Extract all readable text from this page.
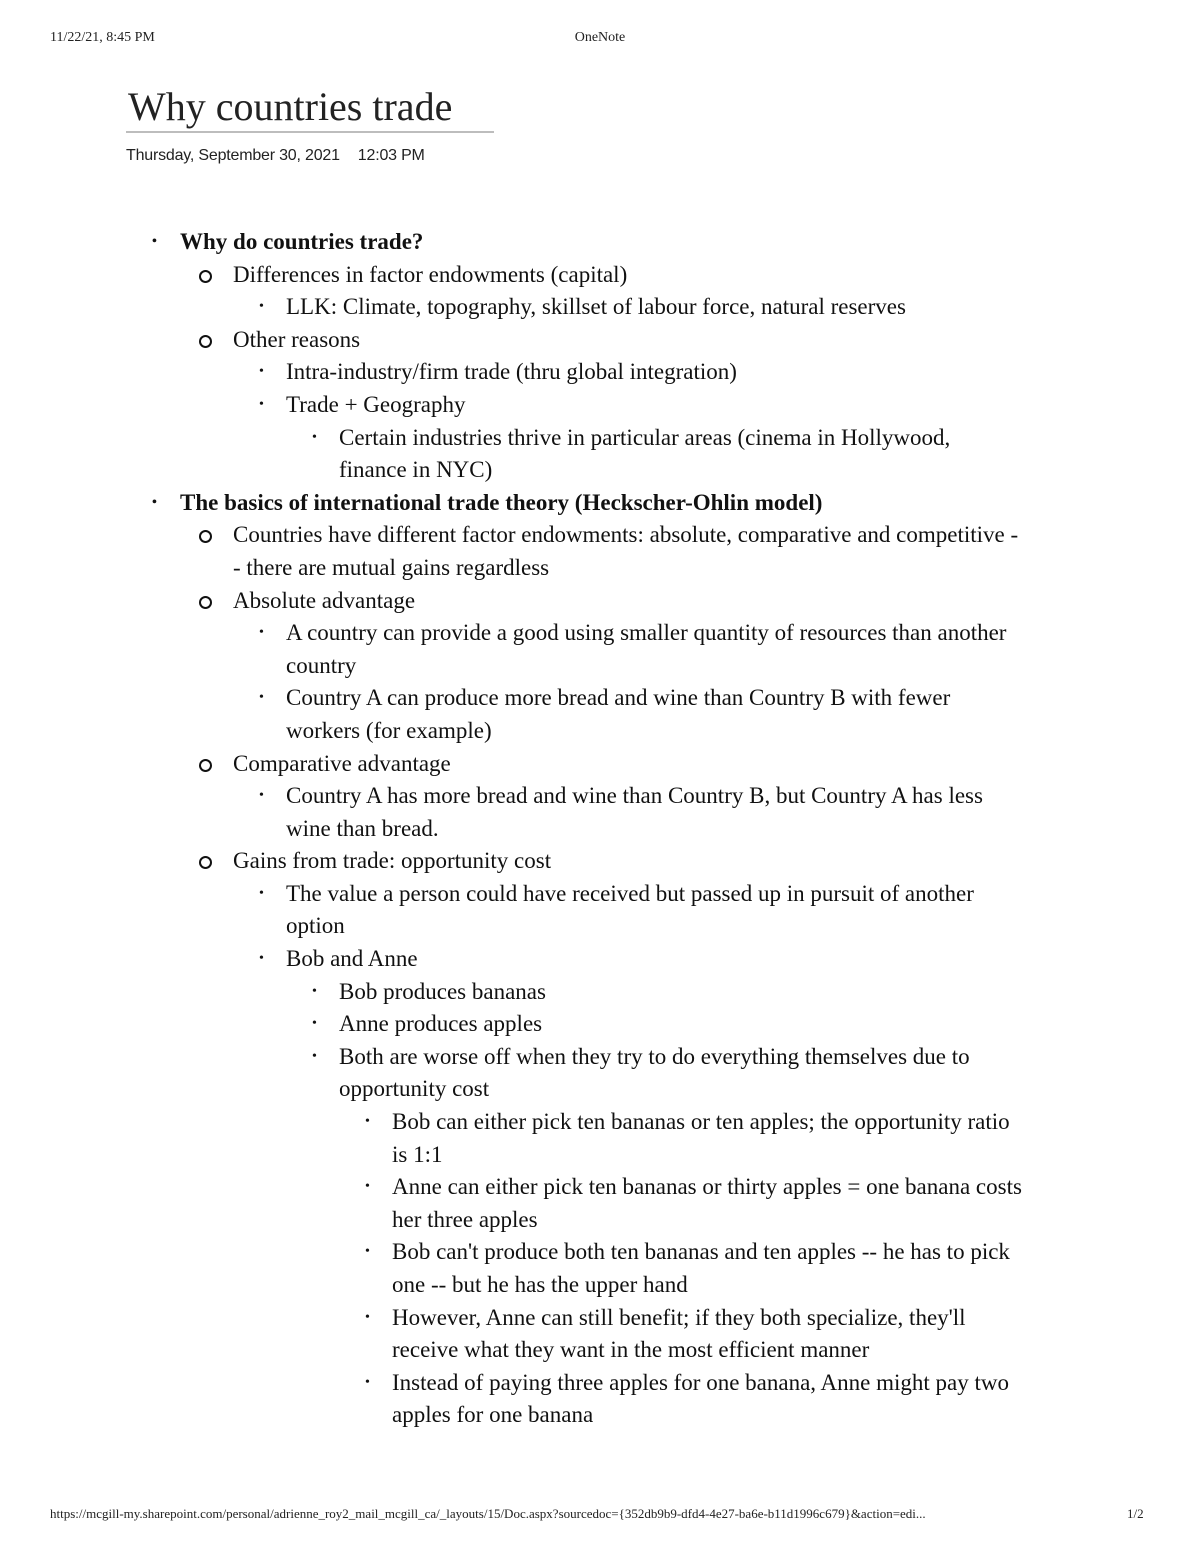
11/22/21, 8:45 PM	OneNote
Why countries trade
Thursday, September 30, 2021 12:03 PM
• Why do countries trade?
Differences in factor endowments (capital)
• LLK: Climate, topography, skillset of labour force, natural reserves
Other reasons
• Intra-industry/firm trade (thru global integration)
• Trade + Geography
• Certain industries thrive in particular areas (cinema in Hollywood, finance in NYC)
• The basics of international trade theory (Heckscher-Ohlin model)
Countries have different factor endowments: absolute, comparative and competitive -- there are mutual gains regardless
Absolute advantage
• A country can provide a good using smaller quantity of resources than another country
• Country A can produce more bread and wine than Country B with fewer workers (for example)
Comparative advantage
• Country A has more bread and wine than Country B, but Country A has less wine than bread.
Gains from trade: opportunity cost
• The value a person could have received but passed up in pursuit of another option
• Bob and Anne
• Bob produces bananas
• Anne produces apples
• Both are worse off when they try to do everything themselves due to opportunity cost
• Bob can either pick ten bananas or ten apples; the opportunity ratio is 1:1
• Anne can either pick ten bananas or thirty apples = one banana costs her three apples
• Bob can't produce both ten bananas and ten apples -- he has to pick one -- but he has the upper hand
• However, Anne can still benefit; if they both specialize, they'll receive what they want in the most efficient manner
• Instead of paying three apples for one banana, Anne might pay two apples for one banana
https://mcgill-my.sharepoint.com/personal/adrienne_roy2_mail_mcgill_ca/_layouts/15/Doc.aspx?sourcedoc={352db9b9-dfd4-4e27-ba6e-b11d1996c679}&action=edi...	1/2
